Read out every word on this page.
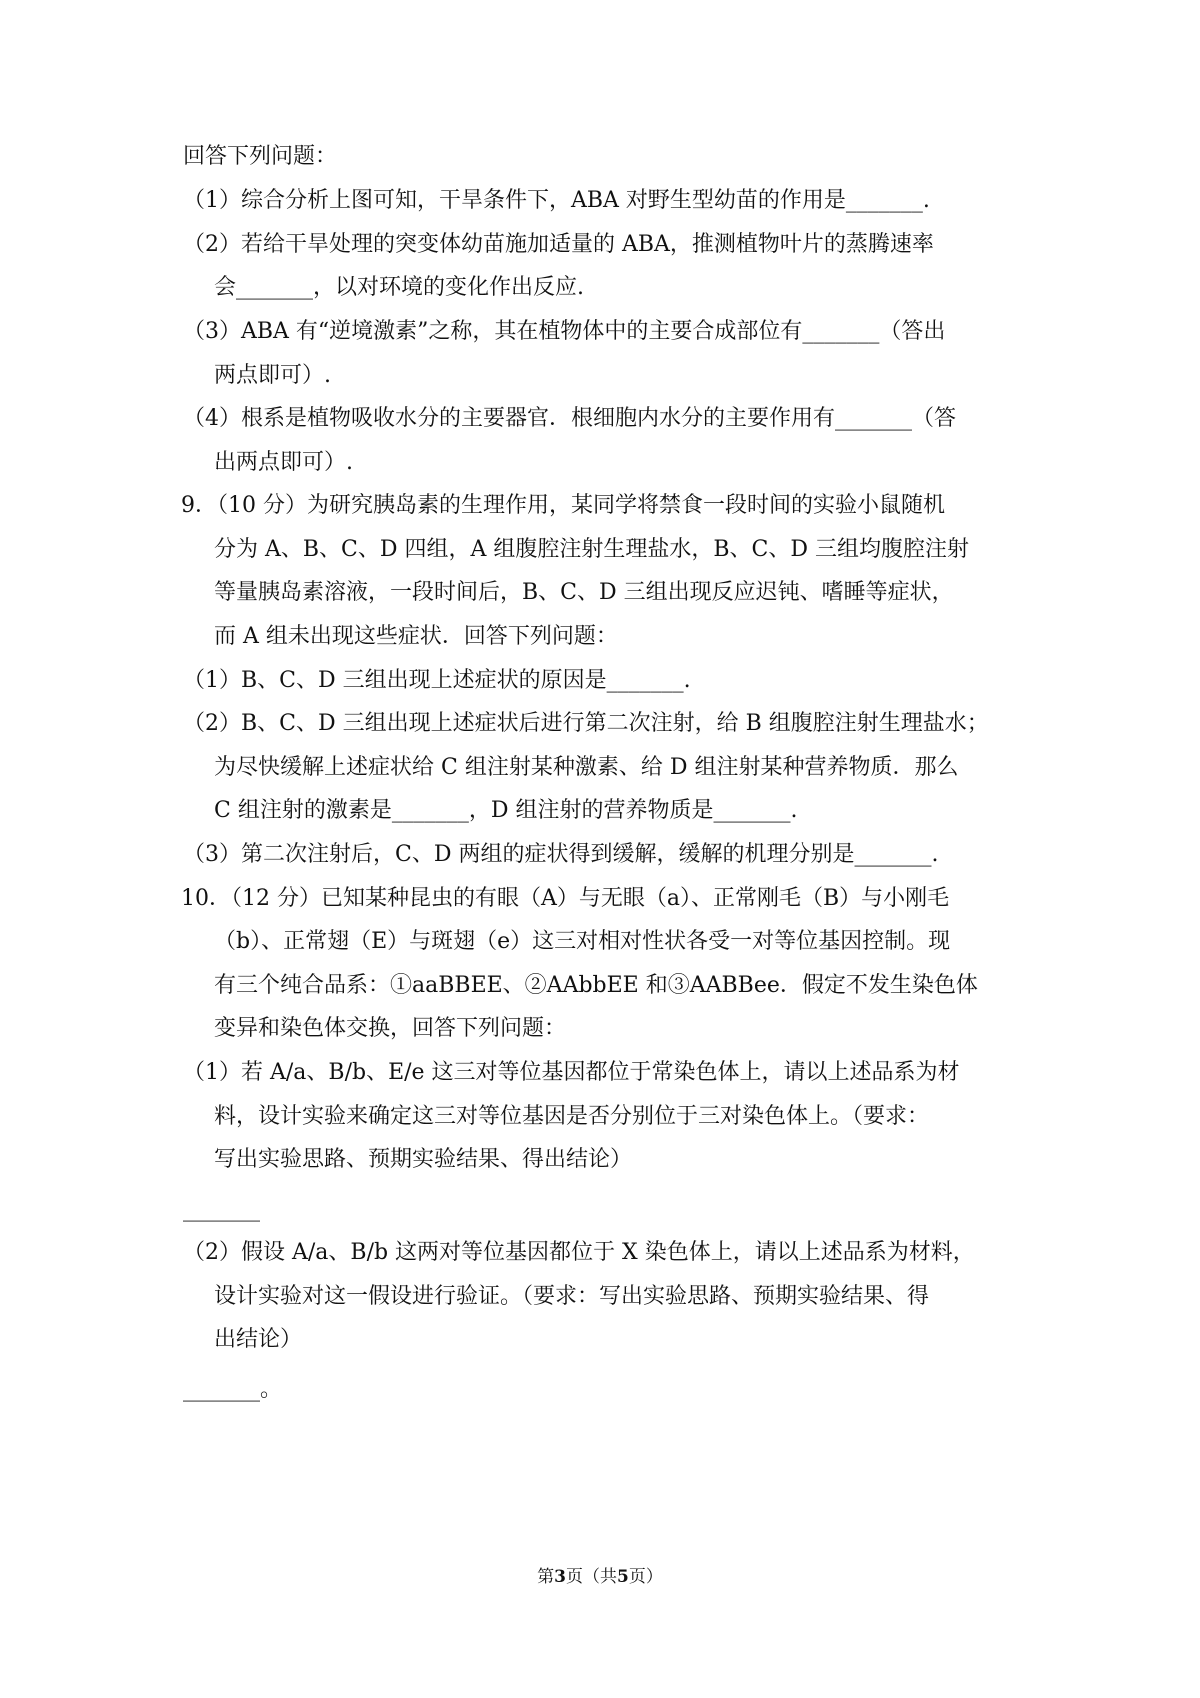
回答下列问题：
（1）综合分析上图可知，干旱条件下，ABA 对野生型幼苗的作用是_______.
（2）若给干旱处理的突变体幼苗施加适量的 ABA，推测植物叶片的蒸腾速率
会_______，以对环境的变化作出反应.
（3）ABA 有“逆境激素”之称，其在植物体中的主要合成部位有_______（答出
两点即可）.
（4）根系是植物吸收水分的主要器官．根细胞内水分的主要作用有_______（答
出两点即可）.
9．（10 分）为研究胰岛素的生理作用，某同学将禁食一段时间的实验小鼠随机
分为 A、B、C、D 四组，A 组腹腔注射生理盐水，B、C、D 三组均腹腔注射
等量胰岛素溶液，一段时间后，B、C、D 三组出现反应迟钝、嗜睡等症状，
而 A 组未出现这些症状．回答下列问题：
（1）B、C、D 三组出现上述症状的原因是_______.
（2）B、C、D 三组出现上述症状后进行第二次注射，给 B 组腹腔注射生理盐水；
为尽快缓解上述症状给 C 组注射某种激素、给 D 组注射某种营养物质．那么
C 组注射的激素是_______，D 组注射的营养物质是_______.
（3）第二次注射后，C、D 两组的症状得到缓解，缓解的机理分别是_______.
10．（12 分）已知某种昆虫的有眼（A）与无眼（a）、正常刚毛（B）与小刚毛
（b）、正常翅（E）与斑翅（e）这三对相对性状各受一对等位基因控制。现
有三个纯合品系：①aaBBEE、②AAbbEE 和③AABBee．假定不发生染色体
变异和染色体交换，回答下列问题：
（1）若 A/a、B/b、E/e 这三对等位基因都位于常染色体上，请以上述品系为材
料，设计实验来确定这三对等位基因是否分别位于三对染色体上。（要求：
写出实验思路、预期实验结果、得出结论）
_______
（2）假设 A/a、B/b 这两对等位基因都位于 X 染色体上，请以上述品系为材料，
设计实验对这一假设进行验证。（要求：写出实验思路、预期实验结果、得
出结论）
_______。
第3页（共5页）
